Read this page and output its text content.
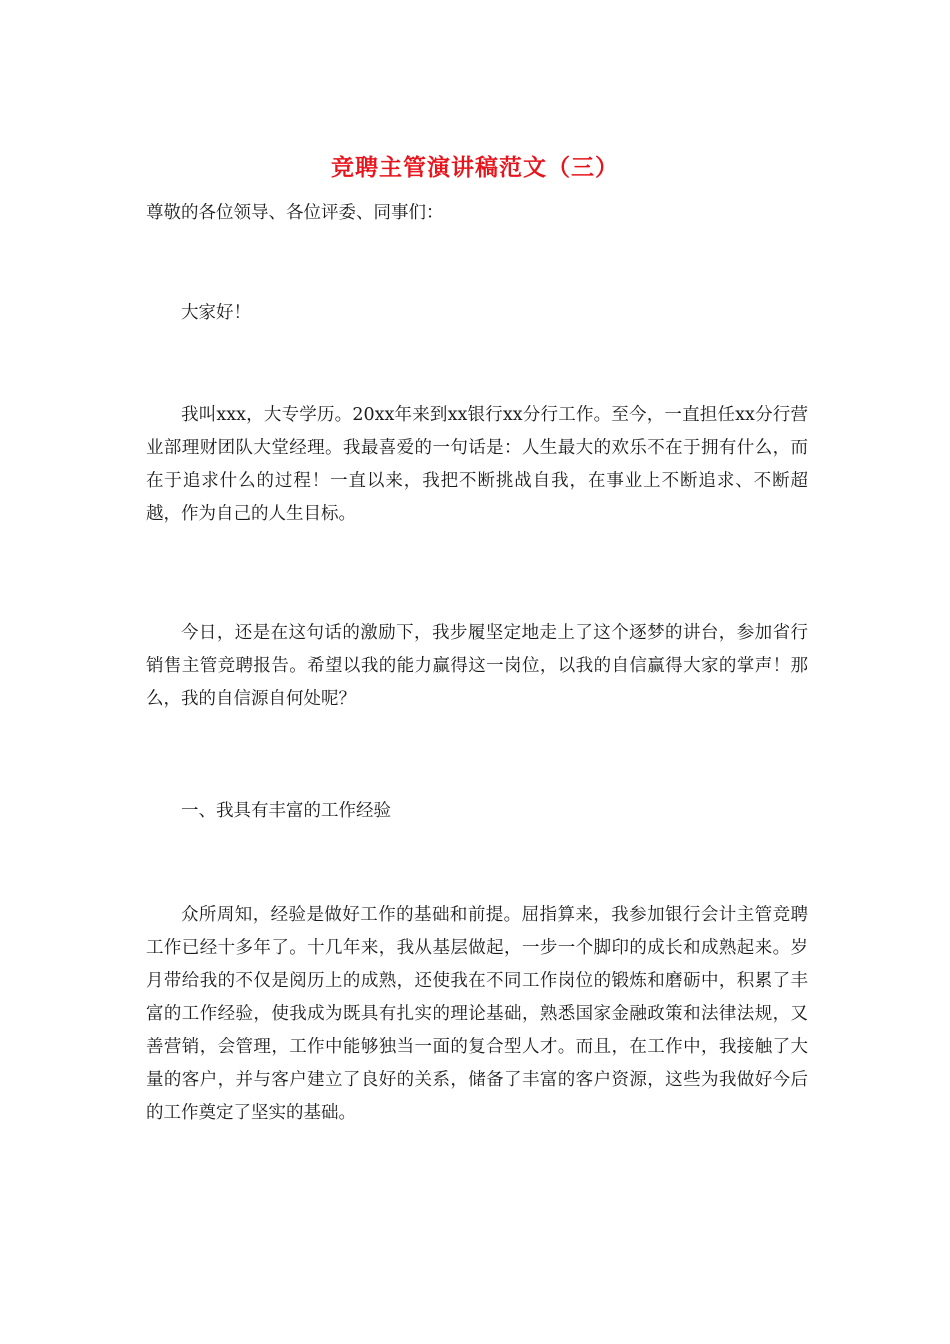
竞聘主管演讲稿范文（三）
尊敬的各位领导、各位评委、同事们：
大家好！
我叫xxx，大专学历。20xx年来到xx银行xx分行工作。至今，一直担任xx分行营业部理财团队大堂经理。我最喜爱的一句话是：人生最大的欢乐不在于拥有什么，而在于追求什么的过程！一直以来，我把不断挑战自我，在事业上不断追求、不断超越，作为自己的人生目标。
今日，还是在这句话的激励下，我步履坚定地走上了这个逐梦的讲台，参加省行销售主管竞聘报告。希望以我的能力赢得这一岗位，以我的自信赢得大家的掌声！那么，我的自信源自何处呢？
一、我具有丰富的工作经验
众所周知，经验是做好工作的基础和前提。屈指算来，我参加银行会计主管竞聘工作已经十多年了。十几年来，我从基层做起，一步一个脚印的成长和成熟起来。岁月带给我的不仅是阅历上的成熟，还使我在不同工作岗位的锻炼和磨砺中，积累了丰富的工作经验，使我成为既具有扎实的理论基础，熟悉国家金融政策和法律法规，又善营销，会管理，工作中能够独当一面的复合型人才。而且，在工作中，我接触了大量的客户，并与客户建立了良好的关系，储备了丰富的客户资源，这些为我做好今后的工作奠定了坚实的基础。
